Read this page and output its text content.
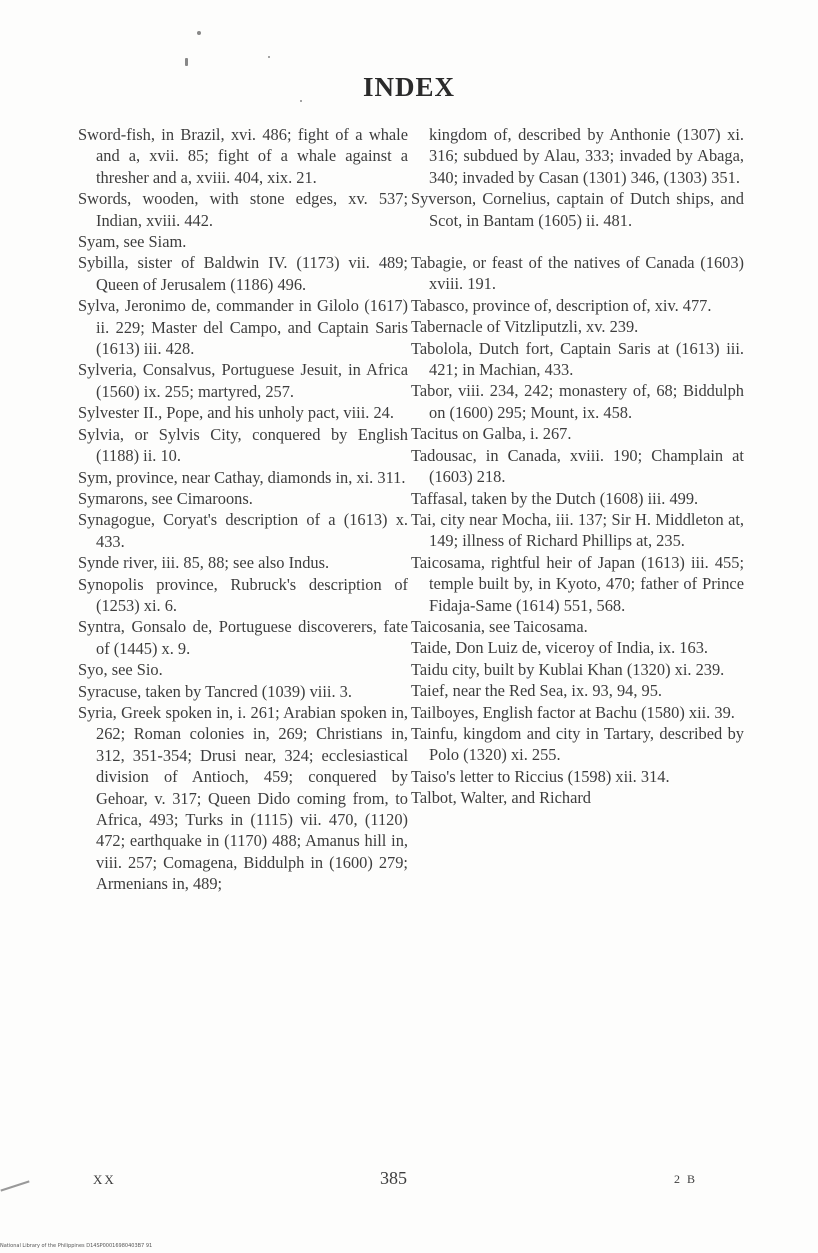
INDEX

Sword-fish, in Brazil, xvi. 486; fight of a whale and a, xvii. 85; fight of a whale against a thresher and a, xviii. 404, xix. 21.

Swords, wooden, with stone edges, xv. 537; Indian, xviii. 442.

Syam, see Siam.

Sybilla, sister of Baldwin IV. (1173) vii. 489; Queen of Jerusalem (1186) 496.

Sylva, Jeronimo de, commander in Gilolo (1617) ii. 229; Master del Campo, and Captain Saris (1613) iii. 428.

Sylveria, Consalvus, Portuguese Jesuit, in Africa (1560) ix. 255; martyred, 257.

Sylvester II., Pope, and his unholy pact, viii. 24.

Sylvia, or Sylvis City, conquered by English (1188) ii. 10.

Sym, province, near Cathay, diamonds in, xi. 311.

Symarons, see Cimaroons.

Synagogue, Coryat's description of a (1613) x. 433.

Synde river, iii. 85, 88; see also Indus.

Synopolis province, Rubruck's description of (1253) xi. 6.

Syntra, Gonsalo de, Portuguese discoverers, fate of (1445) x. 9.

Syo, see Sio.

Syracuse, taken by Tancred (1039) viii. 3.

Syria, Greek spoken in, i. 261; Arabian spoken in, 262; Roman colonies in, 269; Christians in, 312, 351-354; Drusi near, 324; ecclesiastical division of Antioch, 459; conquered by Gehoar, v. 317; Queen Dido coming from, to Africa, 493; Turks in (1115) vii. 470, (1120) 472; earthquake in (1170) 488; Amanus hill in, viii. 257; Comagena, Biddulph in (1600) 279; Armenians in, 489;

kingdom of, described by Anthonie (1307) xi. 316; subdued by Alau, 333; invaded by Abaga, 340; invaded by Casan (1301) 346, (1303) 351.

Syverson, Cornelius, captain of Dutch ships, and Scot, in Bantam (1605) ii. 481.

Tabagie, or feast of the natives of Canada (1603) xviii. 191.

Tabasco, province of, description of, xiv. 477.

Tabernacle of Vitzliputzli, xv. 239.

Tabolola, Dutch fort, Captain Saris at (1613) iii. 421; in Machian, 433.

Tabor, viii. 234, 242; monastery of, 68; Biddulph on (1600) 295; Mount, ix. 458.

Tacitus on Galba, i. 267.

Tadousac, in Canada, xviii. 190; Champlain at (1603) 218.

Taffasal, taken by the Dutch (1608) iii. 499.

Tai, city near Mocha, iii. 137; Sir H. Middleton at, 149; illness of Richard Phillips at, 235.

Taicosama, rightful heir of Japan (1613) iii. 455; temple built by, in Kyoto, 470; father of Prince Fidaja-Same (1614) 551, 568.

Taicosania, see Taicosama.

Taide, Don Luiz de, viceroy of India, ix. 163.

Taidu city, built by Kublai Khan (1320) xi. 239.

Taief, near the Red Sea, ix. 93, 94, 95.

Tailboyes, English factor at Bachu (1580) xii. 39.

Tainfu, kingdom and city in Tartary, described by Polo (1320) xi. 255.

Taiso's letter to Riccius (1598) xii. 314.

Talbot, Walter, and Richard

XX	385	2 B
National Library of the Philippines D14SP00016980403B7 91
